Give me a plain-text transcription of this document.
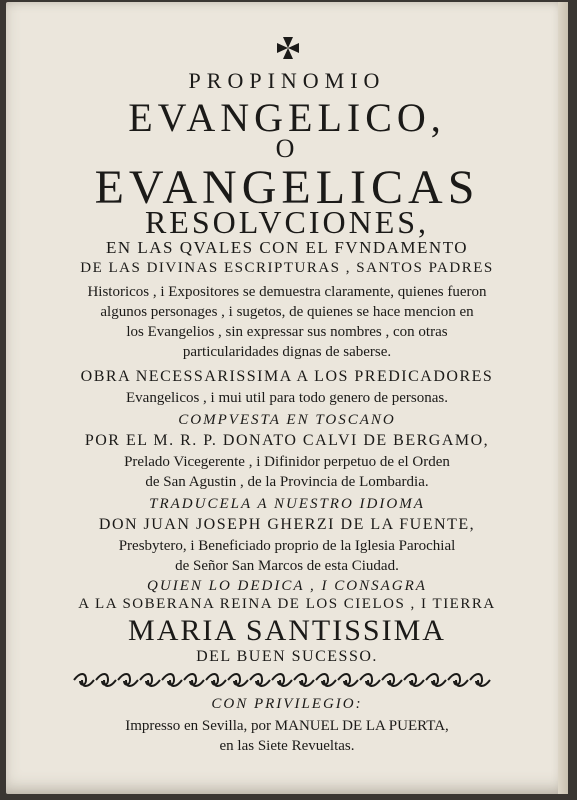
PROPINOMIO
EVANGELICO,
O
EVANGELICAS
RESOLVCIONES,
EN LAS QVALES CON EL FVNDAMENTO
DE LAS DIVINAS ESCRIPTURAS , SANTOS PADRES
Historicos , i Expositores se demuestra claramente, quienes fueron
algunos personages , i sugetos, de quienes se hace mencion en
los Evangelios , sin expressar sus nombres , con otras
particularidades dignas de saberse.
OBRA NECESSARISSIMA A LOS PREDICADORES
Evangelicos , i mui util para todo genero de personas.
COMPVESTA EN TOSCANO
POR EL M. R. P. DONATO CALVI DE BERGAMO,
Prelado Vicegerente , i Difinidor perpetuo de el Orden
de San Agustin , de la Provincia de Lombardia.
TRADUCELA A NUESTRO IDIOMA
DON JUAN JOSEPH GHERZI DE LA FUENTE,
Presbytero, i Beneficiado proprio de la Iglesia Parochial
de Señor San Marcos de esta Ciudad.
QUIEN LO DEDICA , I CONSAGRA
A LA SOBERANA REINA DE LOS CIELOS , I TIERRA
MARIA SANTISSIMA
DEL BUEN SUCESSO.
CON PRIVILEGIO:
Impresso en Sevilla, por MANUEL DE LA PUERTA,
en las Siete Revueltas.
